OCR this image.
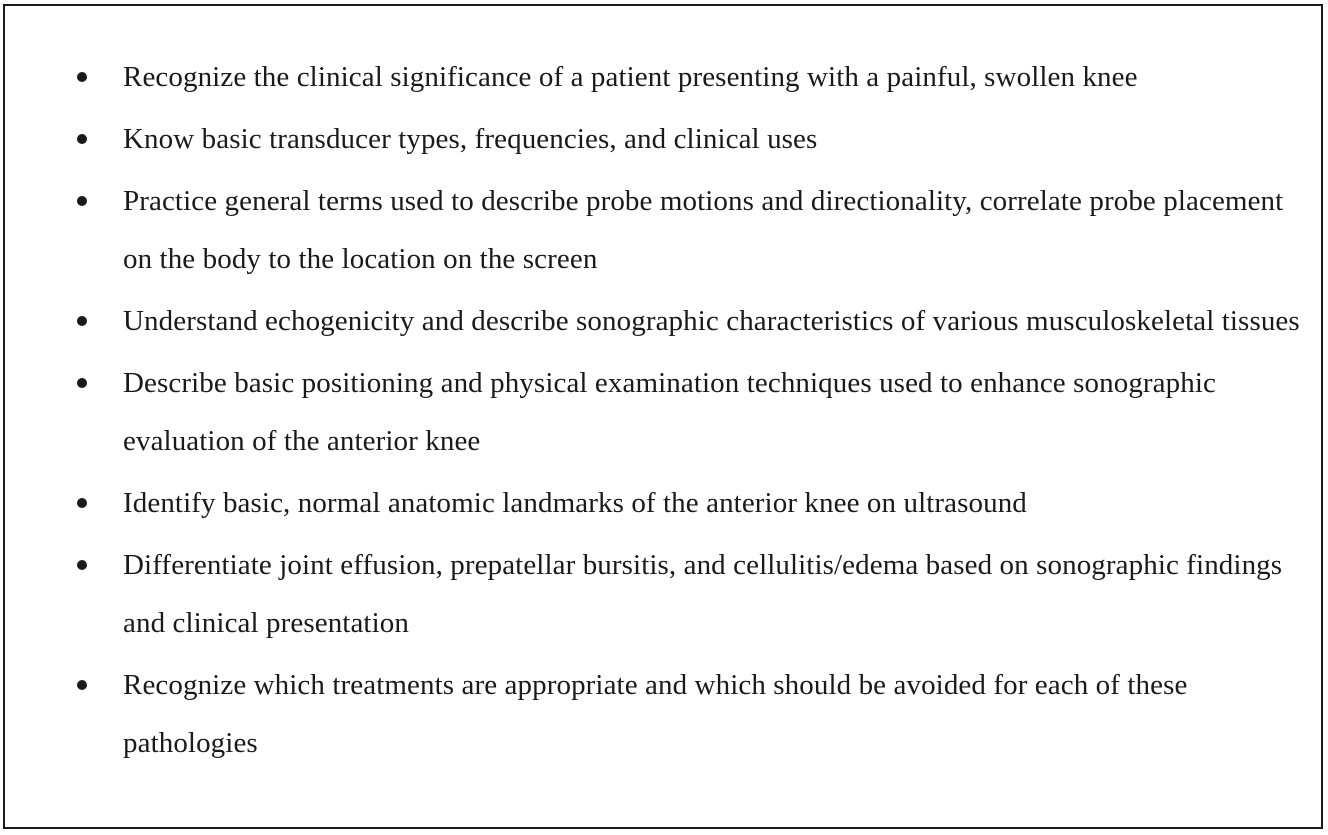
Recognize the clinical significance of a patient presenting with a painful, swollen knee
Know basic transducer types, frequencies, and clinical uses
Practice general terms used to describe probe motions and directionality, correlate probe placement on the body to the location on the screen
Understand echogenicity and describe sonographic characteristics of various musculoskeletal tissues
Describe basic positioning and physical examination techniques used to enhance sonographic evaluation of the anterior knee
Identify basic, normal anatomic landmarks of the anterior knee on ultrasound
Differentiate joint effusion, prepatellar bursitis, and cellulitis/edema based on sonographic findings and clinical presentation
Recognize which treatments are appropriate and which should be avoided for each of these pathologies
